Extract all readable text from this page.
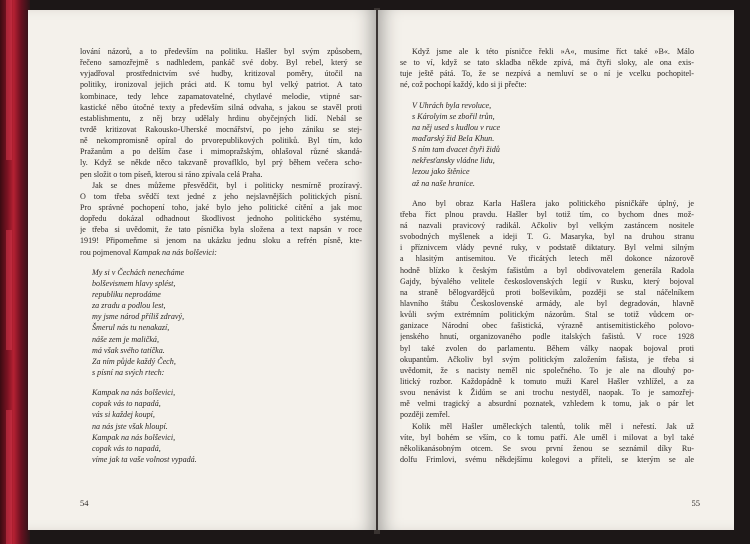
lování názorů, a to především na politiku. Hašler byl svým způsobem,
řečeno samozřejmě s nadhledem, pankáč své doby. Byl rebel, který se
vyjadřoval prostřednictvím své hudby, kritizoval poměry, útočil na
politiky, ironizoval jejich práci atd. K tomu byl velký patriot. A tato
kombinace, tedy lehce zapamatovatelné, chytlavé melodie, vtipné sar-
kastické něbo útočné texty a především silná odvaha, s jakou se stavěl proti
establishmentu, z něj brzy udělaly hrdinu obyčejných lidí. Nebál se
tvrdě kritizovat Rakousko-Uherské mocnářství, po jeho zániku se stej-
ně nekompromisně opíral do prvorepublikových politiků. Byl tím, kdo
Pražanům a po delším čase i mimopražským, ohlašoval různé skandá-
ly. Když se někde něco takzvaně provaflklo, byl prý během večera scho-
pen složit o tom píseň, kterou si ráno zpívala celá Praha.
Jak se dnes můžeme přesvědčit, byl i politicky nesmírně prozíravý.
O tom třeba svědčí text jedné z jeho nejslavnějších politických písní.
Pro správné pochopení toho, jaké bylo jeho politické cítění a jak moc
dopředu dokázal odhadnout škodlivost jednoho politického systému,
je třeba si uvědomit, že tato písnička byla složena a text napsán v roce
1919! Připomeňme si jenom na ukázku jednu sloku a refrén písně, kte-
rou pojmenoval Kampak na nás bolševici:
My si v Čechách nenecháme
bolševismem hlavy splést,
republiku neprodáme
za zradu a podlou lest,
my jsme národ příliš zdravý,
Šmerul nás tu nenakazí,
náše zem je maličká,
má však svého tatíčka.
Za ním půjde každý Čech,
s písní na svých rtech:
Kampak na nás bolševici,
copak vás to napadá,
vás si každej koupí,
na nás jste však hloupí.
Kampak na nás bolševici,
copak vás to napadá,
víme jak ta vaše volnost vypadá.
54
Když jsme ale k této písničce řekli »A«, musíme říct také »B«. Málo
se to ví, když se tato skladba někde zpívá, má čtyři sloky, ale ona exis-
tuje ještě pátá. To, že se nezpívá a nemluví se o ní je vcelku pochopitel-
né, což pochopí každý, kdo si ji přečte:
V Uhrách byla revoluce,
s Károlyim se zbořil trůn,
na něj used s kudlou v ruce
maďarský žid Bela Khun.
S ním tam dvacet čtyři židů
nekřesťansky vládne lidu,
lezou jako štěnice
až na naše hranice.
Ano byl obraz Karla Hašlera jako politického písničkáře úplný, je
třeba říct plnou pravdu. Hašler byl totiž tím, co bychom dnes mož-
ná nazvali pravicový radikál. Ačkoliv byl velkým zastáncem nositele
svobodných myšlenek a ideji T. G. Masaryka, byl na druhou stranu
i příznivcem vlády pevné ruky, v podstatě diktatury. Byl velmi silným
a hlasitým antisemitou. Ve třicátých letech měl dokonce názorově
hodně blízko k českým fašistům a byl obdivovatelem generála Radola
Gajdy, bývalého velitele československých legií v Rusku, který bojoval
na straně bělogvardějců proti bolševikům, později se stal náčelníkem
hlavního štábu Československé armády, ale byl degradován, hlavně
kvůli svým extrémním politickým názorům. Stal se totiž vůdcem or-
ganizace Národní obec fašistická, výrazně antisemitistického polovo-
jenského hnutí, organizovaného podle italských fašistů. V roce 1928
byl také zvolen do parlamentu. Během války naopak bojoval proti
okupantům. Ačkoliv byl svým politickým založením fašista, je třeba si
uvědomit, že s nacisty neměl nic společného. To je ale na dlouhý po-
litický rozbor. Každopádně k tomuto muži Karel Hašler vzhlížel, a za
svou nenávist k Židům se ani trochu nestyděl, naopak. To je samozřej-
mě velmi tragický a absurdní poznatek, vzhledem k tomu, jak o pár let
později zemřel.
Kolik měl Hašler uměleckých talentů, tolik měl i neřestí. Jak už
víte, byl bohém se vším, co k tomu patří. Ale uměl i milovat a byl také
několikanásobným otcem. Se svou první ženou se seznámil díky Ru-
dolfu Frimlovi, svému někdejšímu kolegovi a příteli, se kterým se ale
55
